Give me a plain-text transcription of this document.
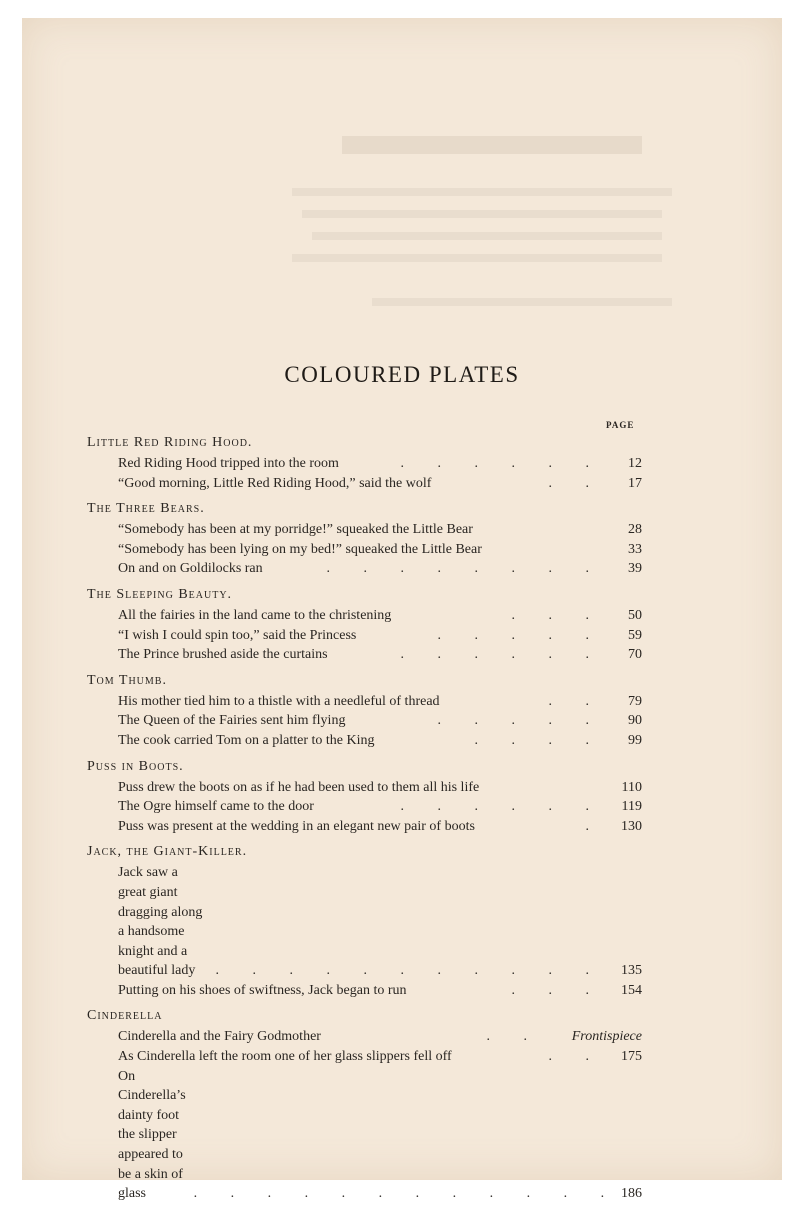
COLOURED PLATES
PAGE
Little Red Riding Hood.
Red Riding Hood tripped into the room	. . . . . .	12
“Good morning, Little Red Riding Hood,” said the wolf	. .	17
The Three Bears.
“Somebody has been at my porridge!” squeaked the Little Bear	28
“Somebody has been lying on my bed!” squeaked the Little Bear	33
On and on Goldilocks ran	. . . . . . . .	39
The Sleeping Beauty.
All the fairies in the land came to the christening	. . .	50
“I wish I could spin too,” said the Princess	. . . . .	59
The Prince brushed aside the curtains	. . . . . .	70
Tom Thumb.
His mother tied him to a thistle with a needleful of thread	. .	79
The Queen of the Fairies sent him flying	. . . . .	90
The cook carried Tom on a platter to the King	. . . .	99
Puss in Boots.
Puss drew the boots on as if he had been used to them all his life	110
The Ogre himself came to the door	. . . . . .	119
Puss was present at the wedding in an elegant new pair of boots	.	130
Jack, the Giant-Killer.
Jack saw a great giant dragging along a handsome knight and a beautiful lady	. . . . . . . . . . .	135
Putting on his shoes of swiftness, Jack began to run	. . .	154
Cinderella
Cinderella and the Fairy Godmother	. .	Frontispiece
As Cinderella left the room one of her glass slippers fell off	. .	175
On Cinderella’s dainty foot the slipper appeared to be a skin of glass	. . . . . . . . . . . . 186
